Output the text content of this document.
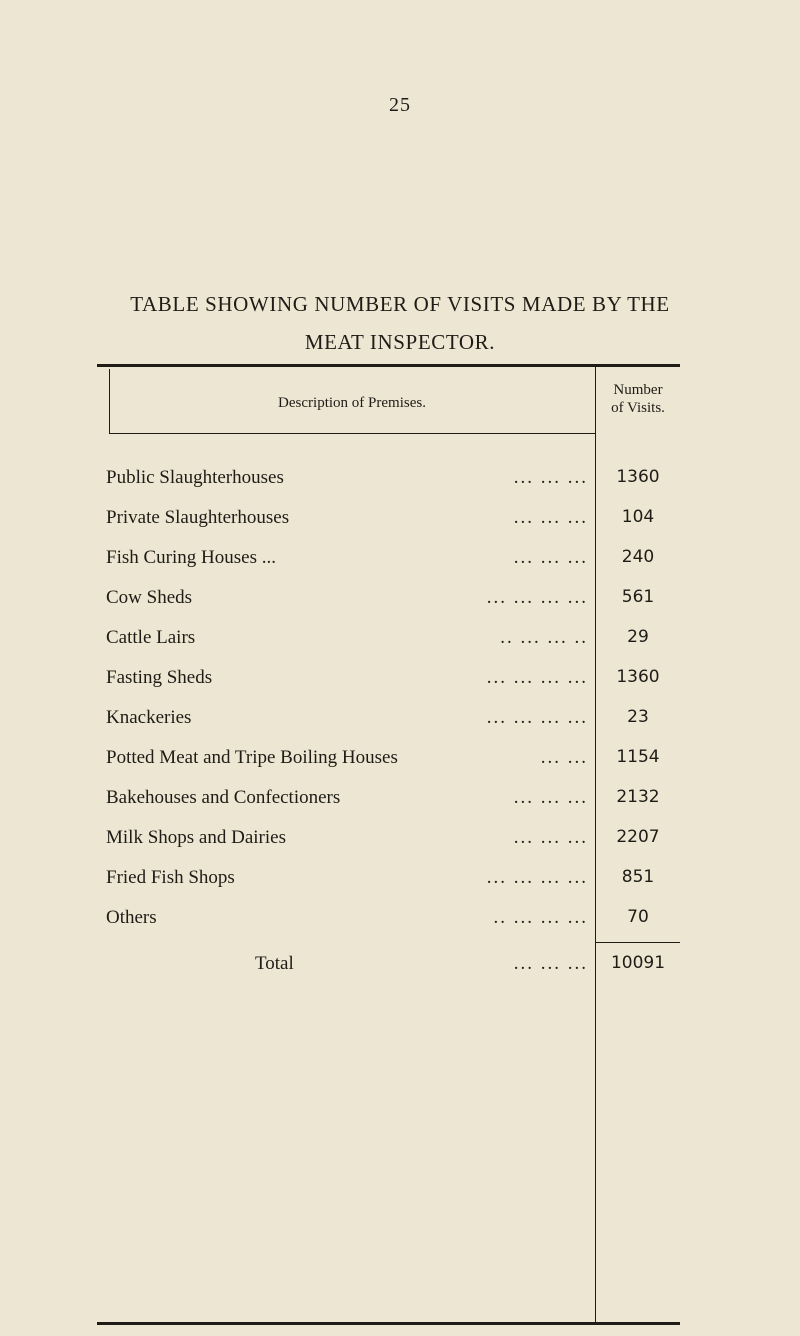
25
TABLE SHOWING NUMBER OF VISITS MADE BY THE
MEAT INSPECTOR.
Description of Premises.
Number
of Visits.
Public Slaughterhouses	... ... ...	1360
Private Slaughterhouses	... ... ...	104
Fish Curing Houses ...	... ... ...	240
Cow Sheds	... ... ... ...	561
Cattle Lairs	.. ... ... ..	29
Fasting Sheds	... ... ... ...	1360
Knackeries	... ... ... ...	23
Potted Meat and Tripe Boiling Houses	... ...	1154
Bakehouses and Confectioners	... ... ...	2132
Milk Shops and Dairies	... ... ...	2207
Fried Fish Shops	... ... ... ...	851
Others	.. ... ... ...	70
Total	... ... ...	10091
